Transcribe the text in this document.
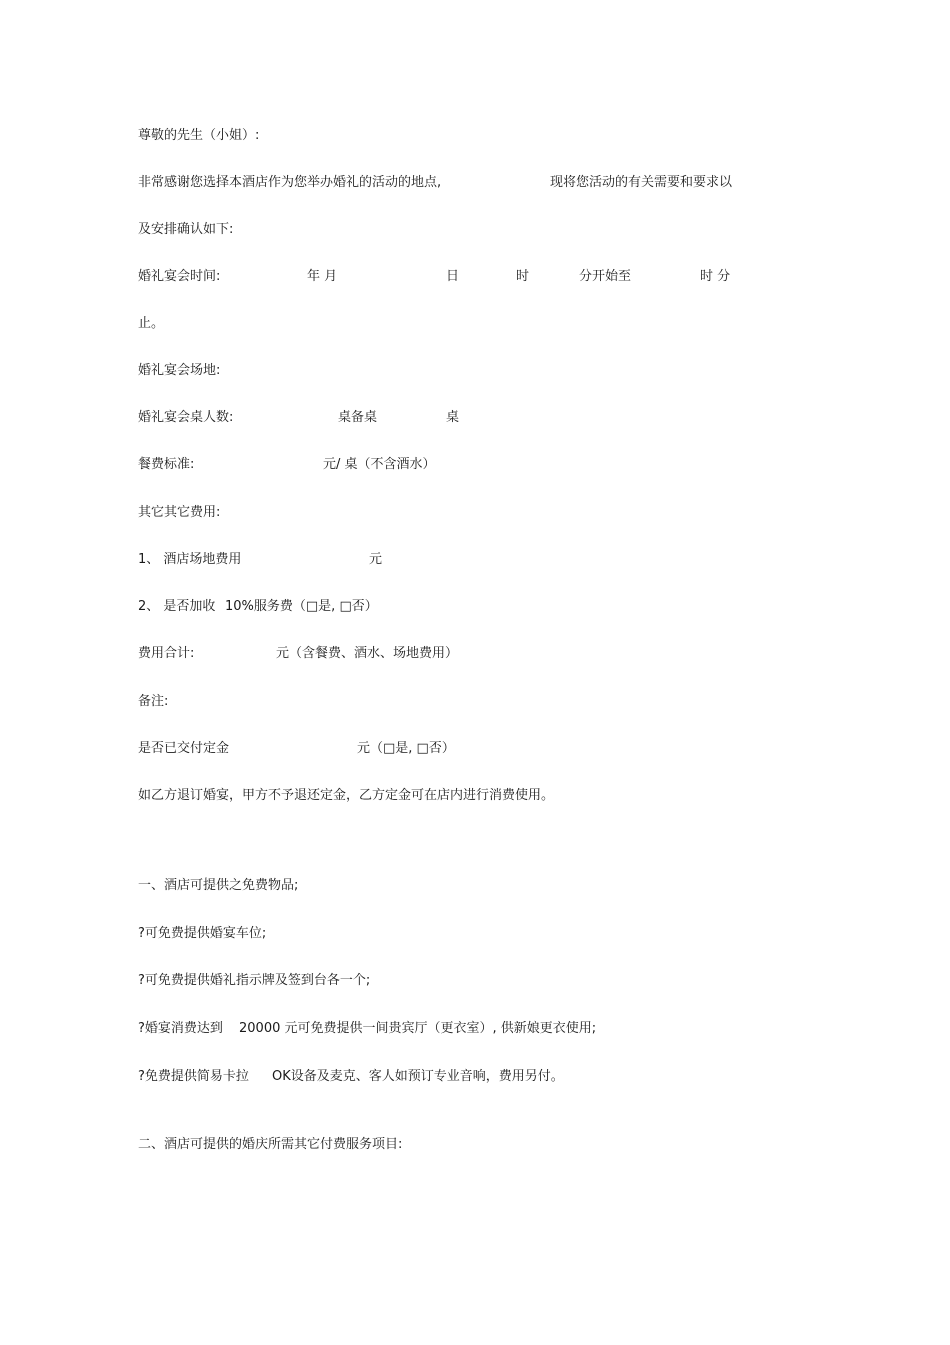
尊敬的先生（小姐）:
非常感谢您选择本酒店作为您举办婚礼的活动的地点,	现将您活动的有关需要和要求以
及安排确认如下:
婚礼宴会时间:	年 月	日	时	分开始至	时 分
止。
婚礼宴会场地:
婚礼宴会桌人数:	桌备桌	桌
餐费标准:	元/ 桌（不含酒水）
其它其它费用:
1、 酒店场地费用	元
2、 是否加收 10%服务费（□是, □否）
费用合计:	元（含餐费、酒水、场地费用）
备注:
是否已交付定金	元（□是, □否）
如乙方退订婚宴，甲方不予退还定金，乙方定金可在店内进行消费使用。
一、酒店可提供之免费物品;
?可免费提供婚宴车位;
?可免费提供婚礼指示牌及签到台各一个;
?婚宴消费达到 20000 元可免费提供一间贵宾厅（更衣室）, 供新娘更衣使用;
?免费提供简易卡拉 OK设备及麦克、客人如预订专业音响，费用另付。
二、酒店可提供的婚庆所需其它付费服务项目:
